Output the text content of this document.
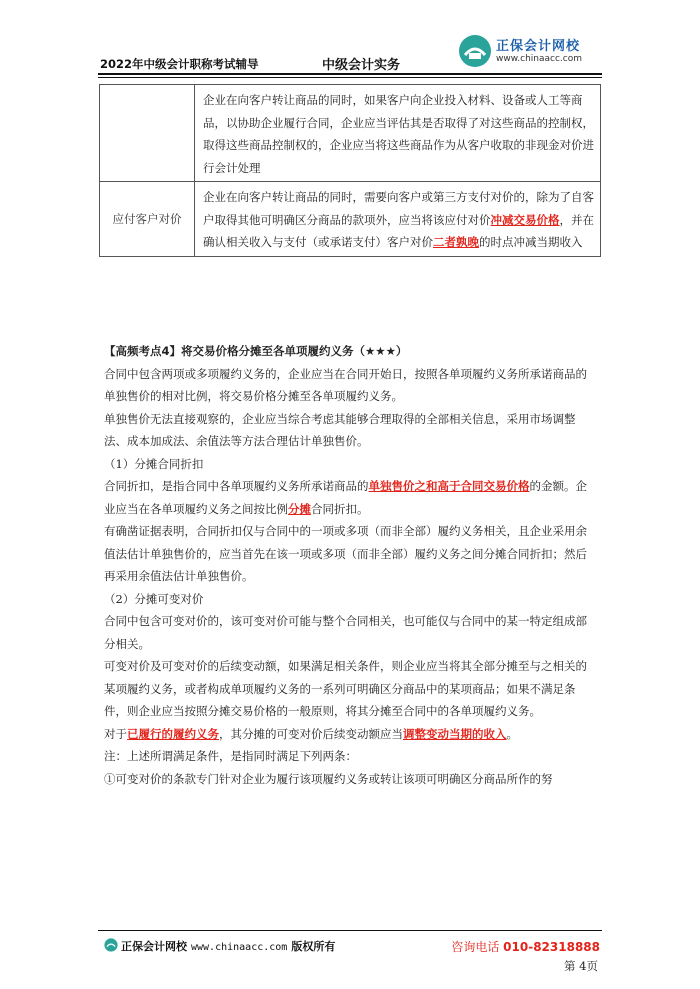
2022年中级会计职称考试辅导	中级会计实务
正保会计网校
www.chinaacc.com
	企业在向客户转让商品的同时，如果客户向企业投入材料、设备或人工等商品，以协助企业履行合同，企业应当评估其是否取得了对这些商品的控制权，取得这些商品控制权的，企业应当将这些商品作为从客户收取的非现金对价进行会计处理
应付客户对价	企业在向客户转让商品的同时，需要向客户或第三方支付对价的，除为了自客户取得其他可明确区分商品的款项外，应当将该应付对价冲减交易价格，并在确认相关收入与支付（或承诺支付）客户对价二者孰晚的时点冲减当期收入

【高频考点4】将交易价格分摊至各单项履约义务（★★★）

合同中包含两项或多项履约义务的，企业应当在合同开始日，按照各单项履约义务所承诺商品的单独售价的相对比例，将交易价格分摊至各单项履约义务。

单独售价无法直接观察的，企业应当综合考虑其能够合理取得的全部相关信息，采用市场调整法、成本加成法、余值法等方法合理估计单独售价。

（1）分摊合同折扣

合同折扣，是指合同中各单项履约义务所承诺商品的单独售价之和高于合同交易价格的金额。企业应当在各单项履约义务之间按比例分摊合同折扣。

有确凿证据表明，合同折扣仅与合同中的一项或多项（而非全部）履约义务相关，且企业采用余值法估计单独售价的，应当首先在该一项或多项（而非全部）履约义务之间分摊合同折扣；然后再采用余值法估计单独售价。

（2）分摊可变对价

合同中包含可变对价的，该可变对价可能与整个合同相关，也可能仅与合同中的某一特定组成部分相关。

可变对价及可变对价的后续变动额，如果满足相关条件，则企业应当将其全部分摊至与之相关的某项履约义务，或者构成单项履约义务的一系列可明确区分商品中的某项商品；如果不满足条件，则企业应当按照分摊交易价格的一般原则，将其分摊至合同中的各单项履约义务。

对于已履行的履约义务，其分摊的可变对价后续变动额应当调整变动当期的收入。

注：上述所谓满足条件，是指同时满足下列两条：

①可变对价的条款专门针对企业为履行该项履约义务或转让该项可明确区分商品所作的努

正保会计网校 www.chinaacc.com 版权所有	咨询电话 010-82318888
第 4页
